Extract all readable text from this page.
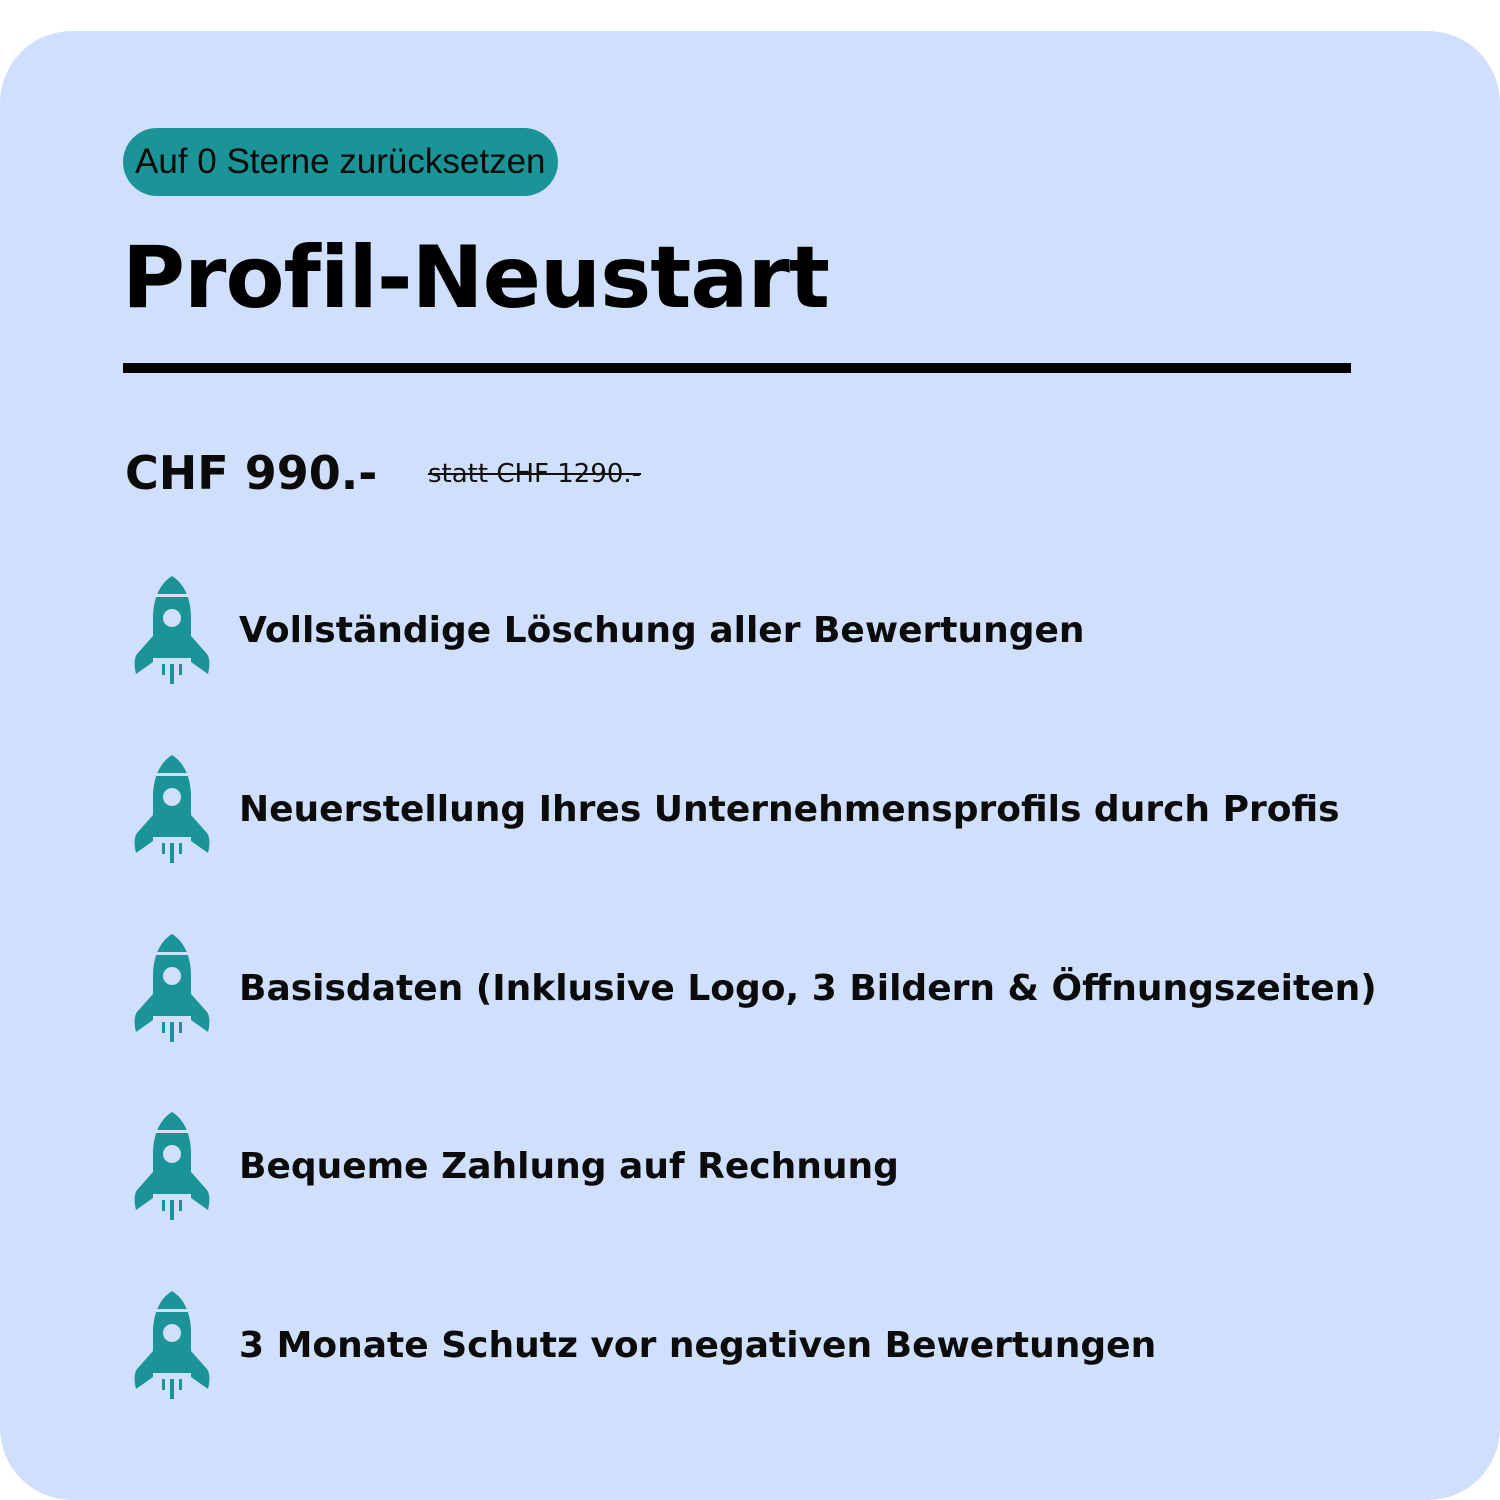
Auf 0 Sterne zurücksetzen
Profil-Neustart
CHF 990.- statt CHF 1290.-
Vollständige Löschung aller Bewertungen
Neuerstellung Ihres Unternehmensprofils durch Profis
Basisdaten (Inklusive Logo, 3 Bildern & Öffnungszeiten)
Bequeme Zahlung auf Rechnung
3 Monate Schutz vor negativen Bewertungen
